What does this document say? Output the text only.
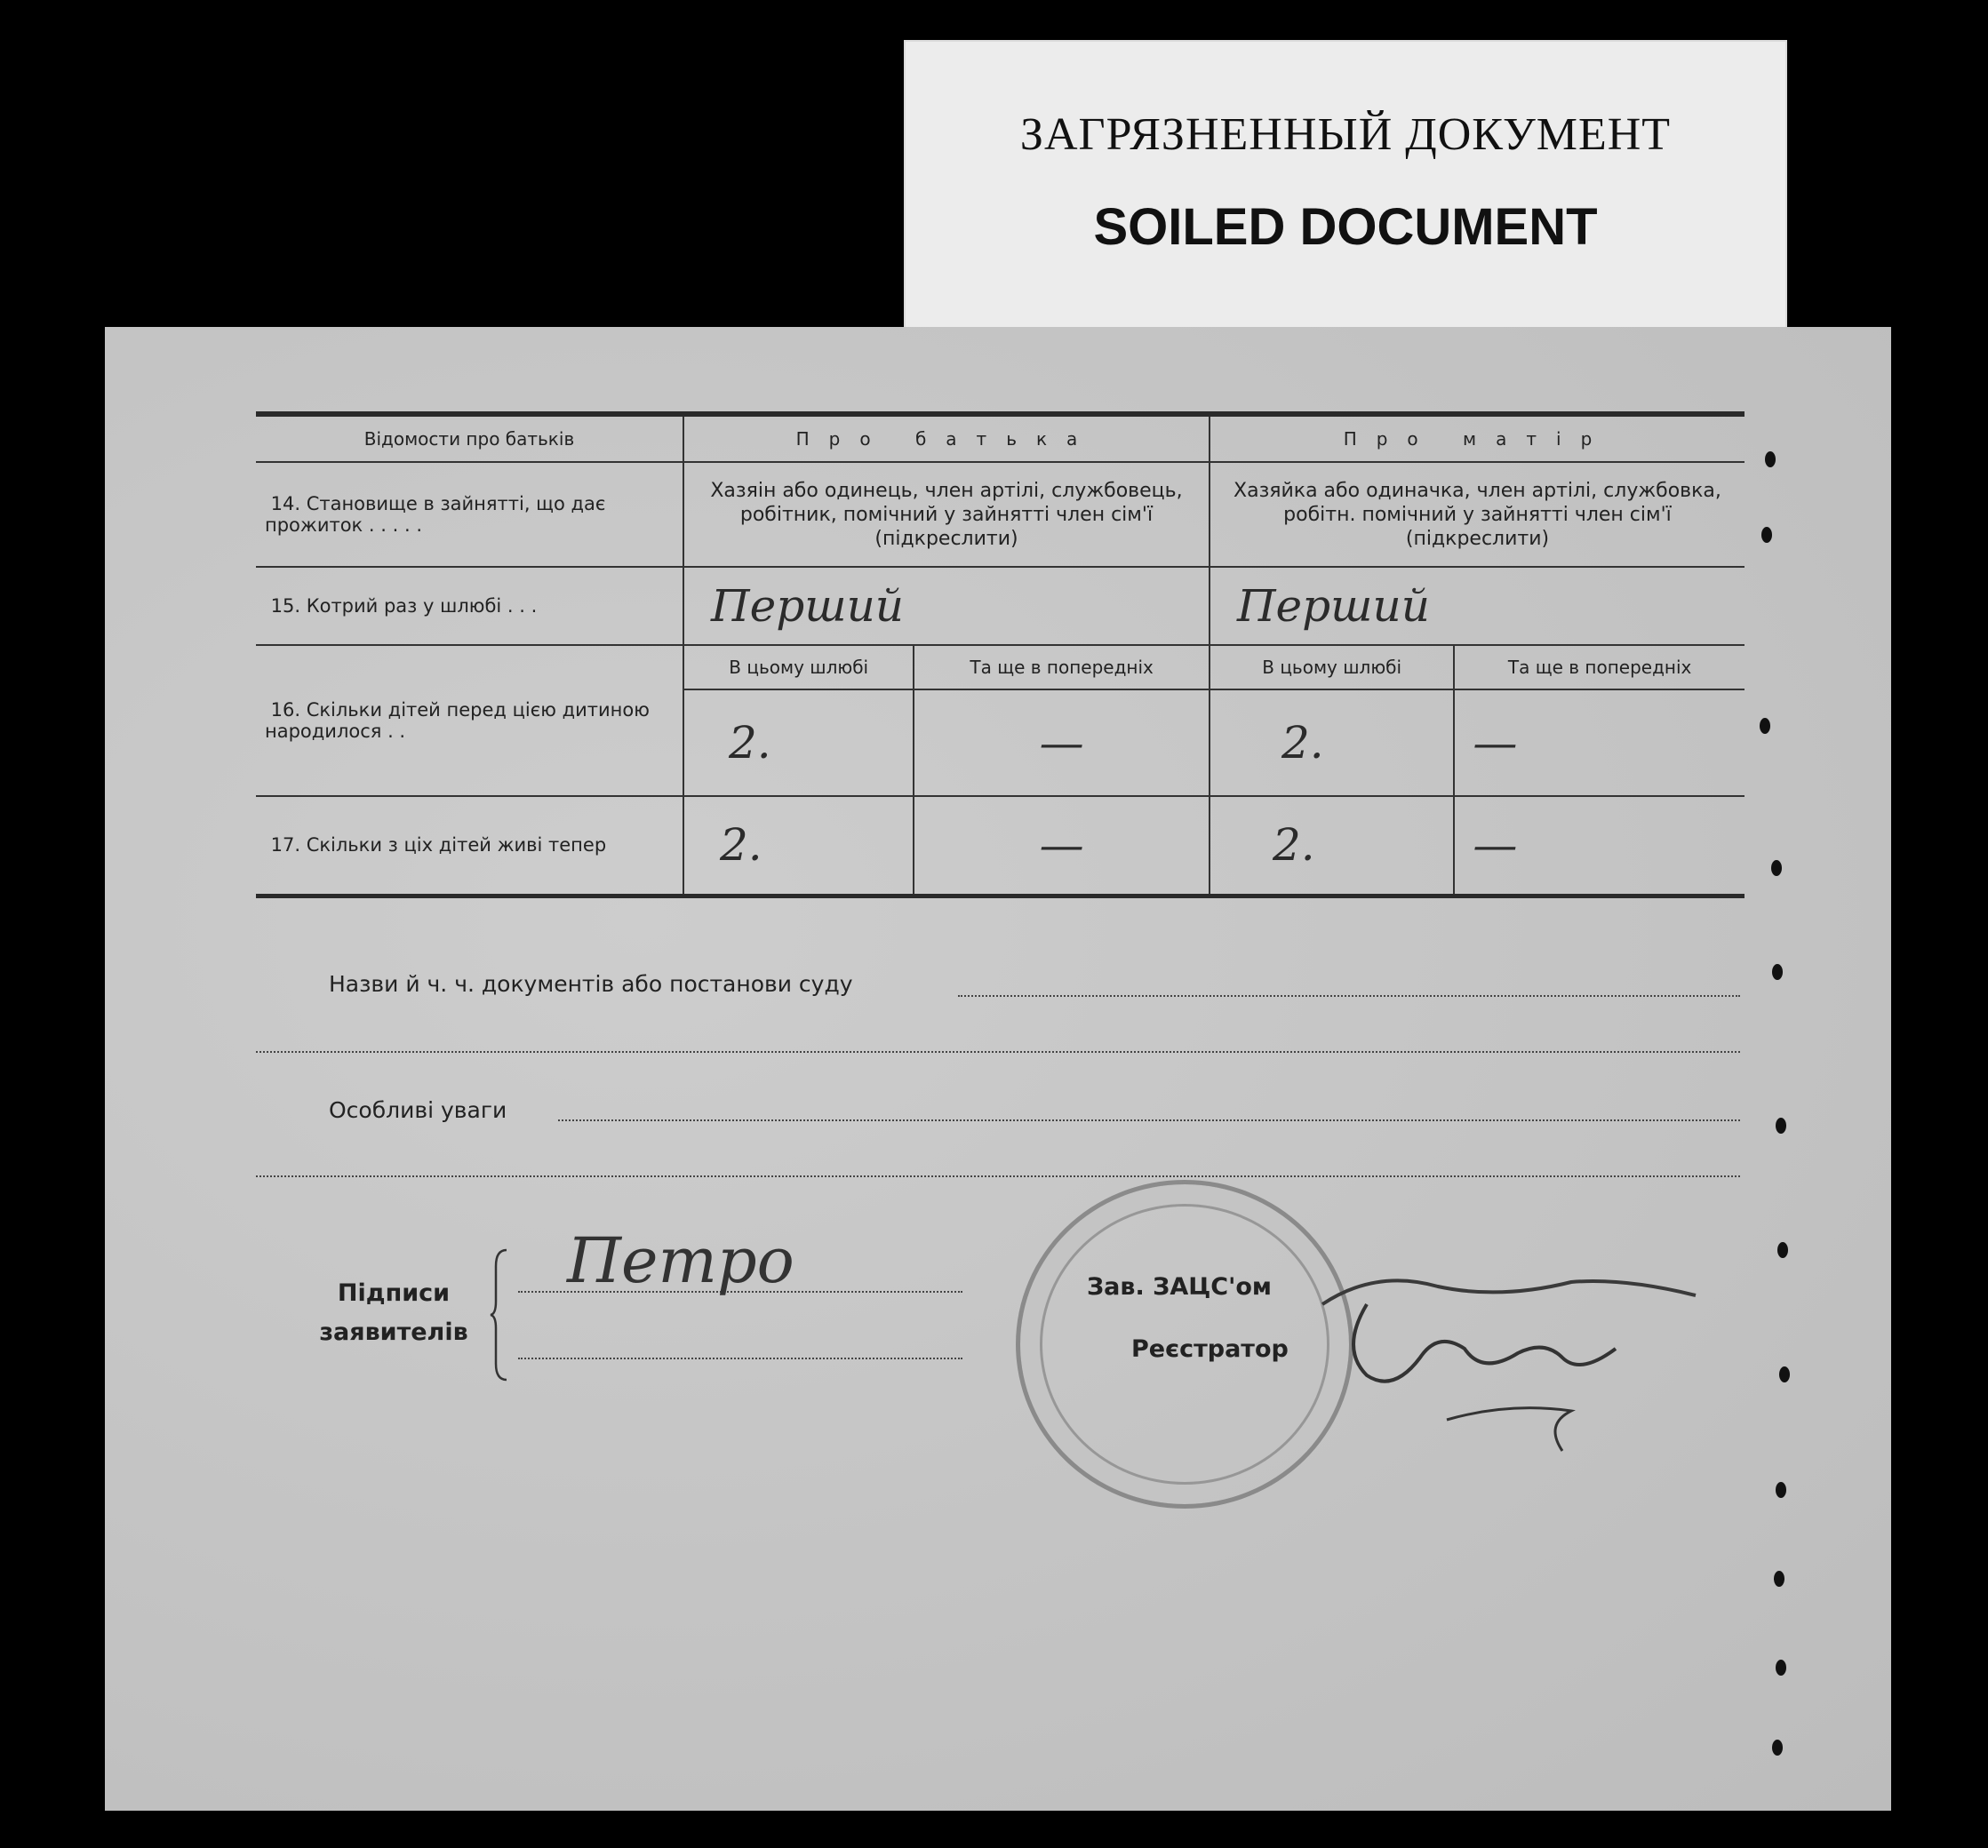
ЗАГРЯЗНЕННЫЙ ДОКУМЕНТ
SOILED DOCUMENT
Відомости про батьків	Про батька		Про матір	
14. Становище в зайнятті, що дає прожиток . . . . .	Хазяін або одинець, член артілі, службовець, робітник, помічний у зайнятті член сім'ї (підкреслити)		Хазяйка або одиначка, член артілі, службовка, робітн. помічний у зайнятті член сім'ї (підкреслити)	
15. Котрий раз у шлюбі . . .	Перший		Перший	
16. Скільки дітей перед цією дитиною народилося . .	В цьому шлюбі	Та ще в попередніх	В цьому шлюбі	Та ще в попередніх
	2.	—	2.	—
17. Скільки з ціх дітей живі тепер	2.	—	2.	—
Назви й ч. ч. документів або постанови суду
Особливі уваги
Підписи
заявителів
Петро	Зав. ЗАЦС'ом
Реєстратор
